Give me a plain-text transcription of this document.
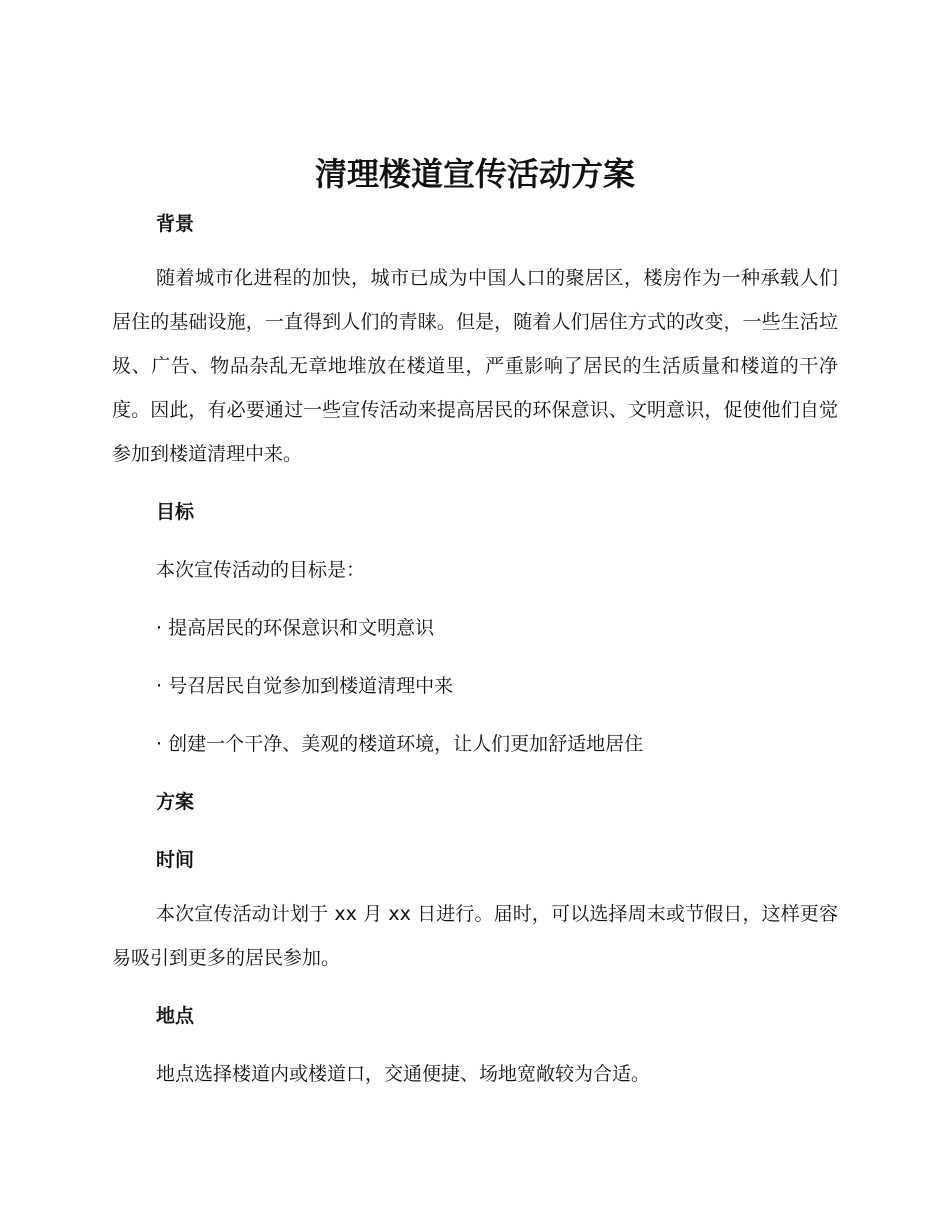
清理楼道宣传活动方案
背景

随着城市化进程的加快，城市已成为中国人口的聚居区，楼房作为一种承载人们居住的基础设施，一直得到人们的青睐。但是，随着人们居住方式的改变，一些生活垃圾、广告、物品杂乱无章地堆放在楼道里，严重影响了居民的生活质量和楼道的干净度。因此，有必要通过一些宣传活动来提高居民的环保意识、文明意识，促使他们自觉参加到楼道清理中来。

目标

本次宣传活动的目标是：

· 提高居民的环保意识和文明意识
· 号召居民自觉参加到楼道清理中来
· 创建一个干净、美观的楼道环境，让人们更加舒适地居住
方案
时间

本次宣传活动计划于 xx 月 xx 日进行。届时，可以选择周末或节假日，这样更容易吸引到更多的居民参加。

地点

地点选择楼道内或楼道口，交通便捷、场地宽敞较为合适。
